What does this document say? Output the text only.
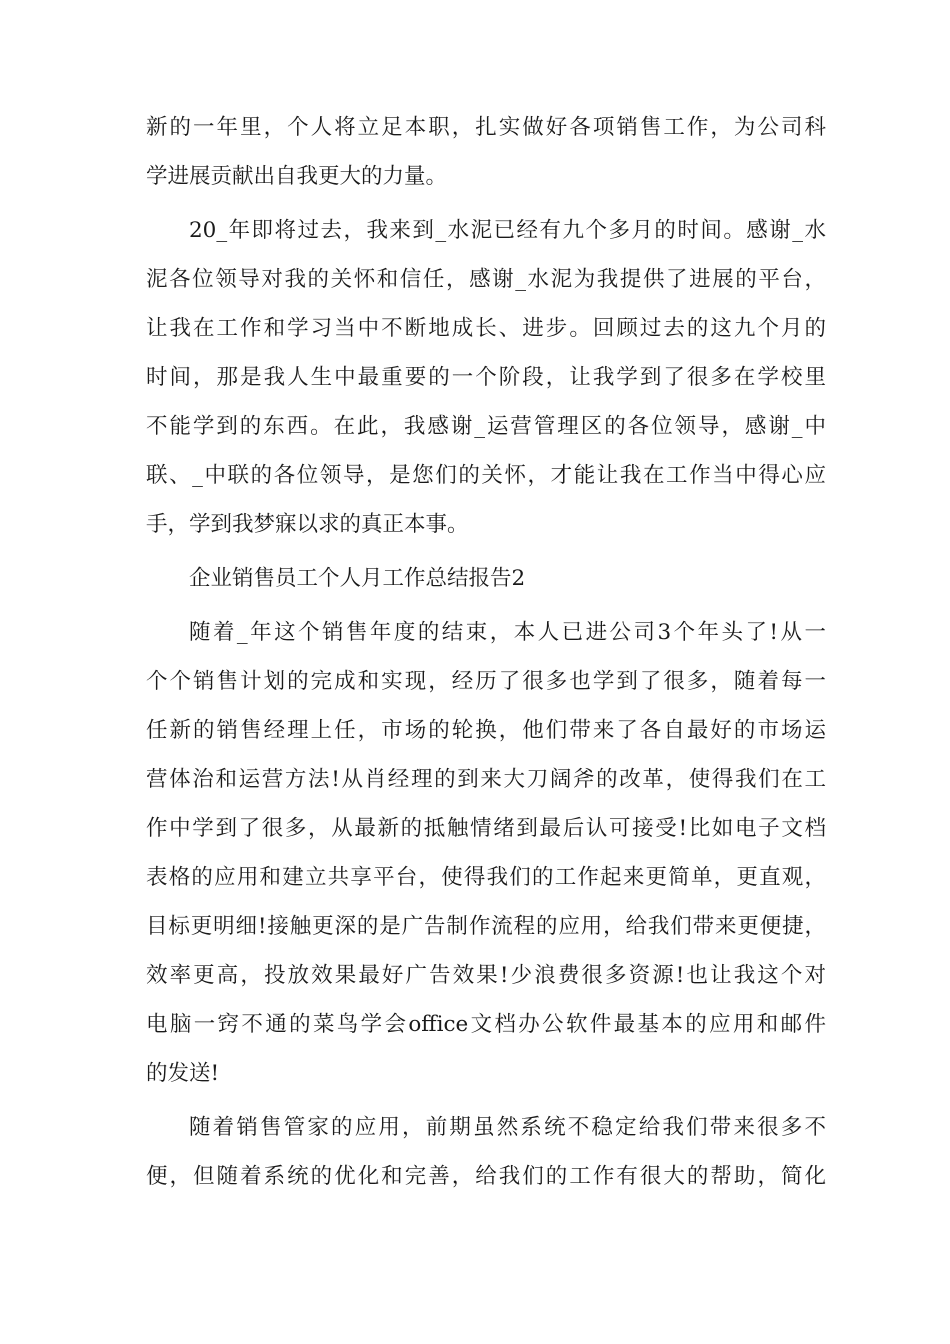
新的一年里，个人将立足本职，扎实做好各项销售工作，为公司科
学进展贡献出自我更大的力量。
20_年即将过去，我来到_水泥已经有九个多月的时间。感谢_水
泥各位领导对我的关怀和信任，感谢_水泥为我提供了进展的平台，
让我在工作和学习当中不断地成长、进步。回顾过去的这九个月的
时间，那是我人生中最重要的一个阶段，让我学到了很多在学校里
不能学到的东西。在此，我感谢_运营管理区的各位领导，感谢_中
联、_中联的各位领导，是您们的关怀，才能让我在工作当中得心应
手，学到我梦寐以求的真正本事。
企业销售员工个人月工作总结报告2
随着_年这个销售年度的结束，本人已进公司3个年头了!从一
个个销售计划的完成和实现，经历了很多也学到了很多，随着每一
任新的销售经理上任，市场的轮换，他们带来了各自最好的市场运
营体治和运营方法!从肖经理的到来大刀阔斧的改革，使得我们在工
作中学到了很多，从最新的抵触情绪到最后认可接受!比如电子文档
表格的应用和建立共享平台，使得我们的工作起来更简单，更直观，
目标更明细!接触更深的是广告制作流程的应用，给我们带来更便捷，
效率更高，投放效果最好广告效果!少浪费很多资源!也让我这个对
电脑一窍不通的菜鸟学会office文档办公软件最基本的应用和邮件
的发送!
随着销售管家的应用，前期虽然系统不稳定给我们带来很多不
便，但随着系统的优化和完善，给我们的工作有很大的帮助，简化
